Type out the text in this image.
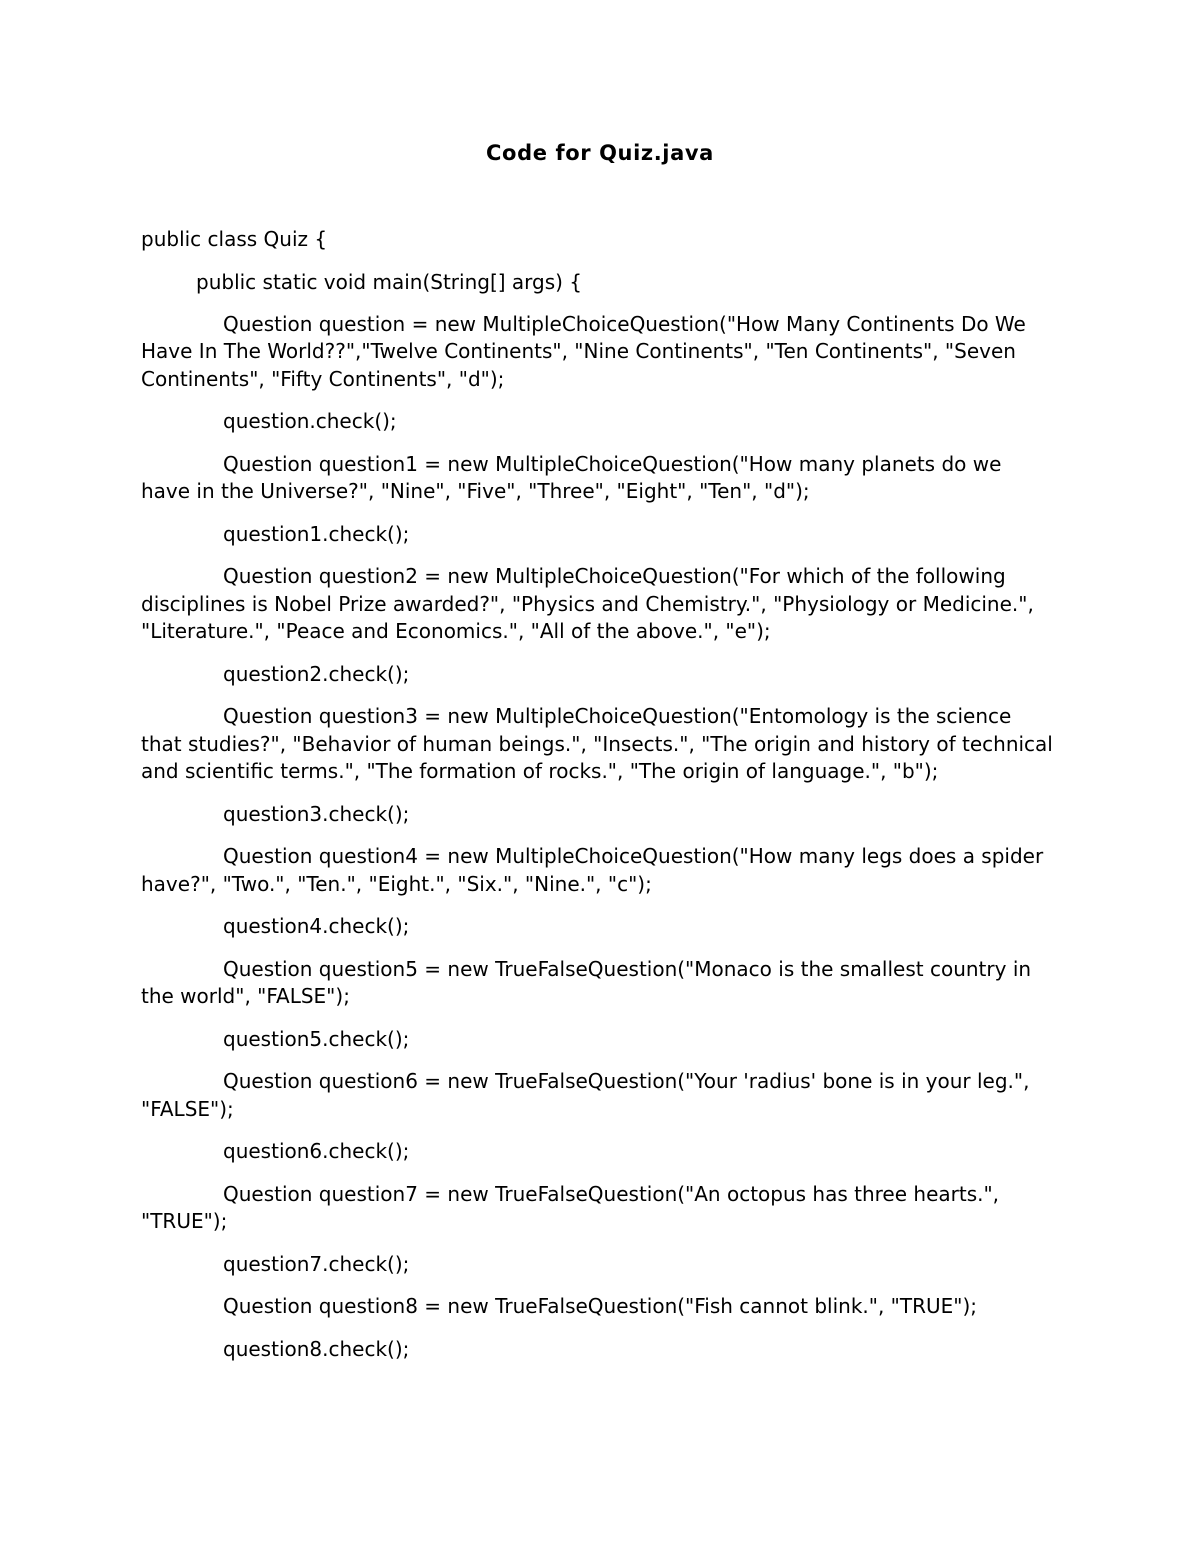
Code for Quiz.java

public class Quiz {

public static void main(String[] args) {

Question question = new MultipleChoiceQuestion("How Many Continents Do We Have In The World??","Twelve Continents", "Nine Continents", "Ten Continents", "Seven Continents", "Fifty Continents", "d");

question.check();

Question question1 = new MultipleChoiceQuestion("How many planets do we have in the Universe?", "Nine", "Five", "Three", "Eight", "Ten", "d");

question1.check();

Question question2 = new MultipleChoiceQuestion("For which of the following disciplines is Nobel Prize awarded?", "Physics and Chemistry.", "Physiology or Medicine.", "Literature.", "Peace and Economics.", "All of the above.", "e");

question2.check();

Question question3 = new MultipleChoiceQuestion("Entomology is the science that studies?", "Behavior of human beings.", "Insects.", "The origin and history of technical and scientific terms.", "The formation of rocks.", "The origin of language.", "b");

question3.check();

Question question4 = new MultipleChoiceQuestion("How many legs does a spider have?", "Two.", "Ten.", "Eight.", "Six.", "Nine.", "c");

question4.check();

Question question5 = new TrueFalseQuestion("Monaco is the smallest country in the world", "FALSE");

question5.check();

Question question6 = new TrueFalseQuestion("Your 'radius' bone is in your leg.", "FALSE");

question6.check();

Question question7 = new TrueFalseQuestion("An octopus has three hearts.", "TRUE");

question7.check();

Question question8 = new TrueFalseQuestion("Fish cannot blink.", "TRUE");

question8.check();
